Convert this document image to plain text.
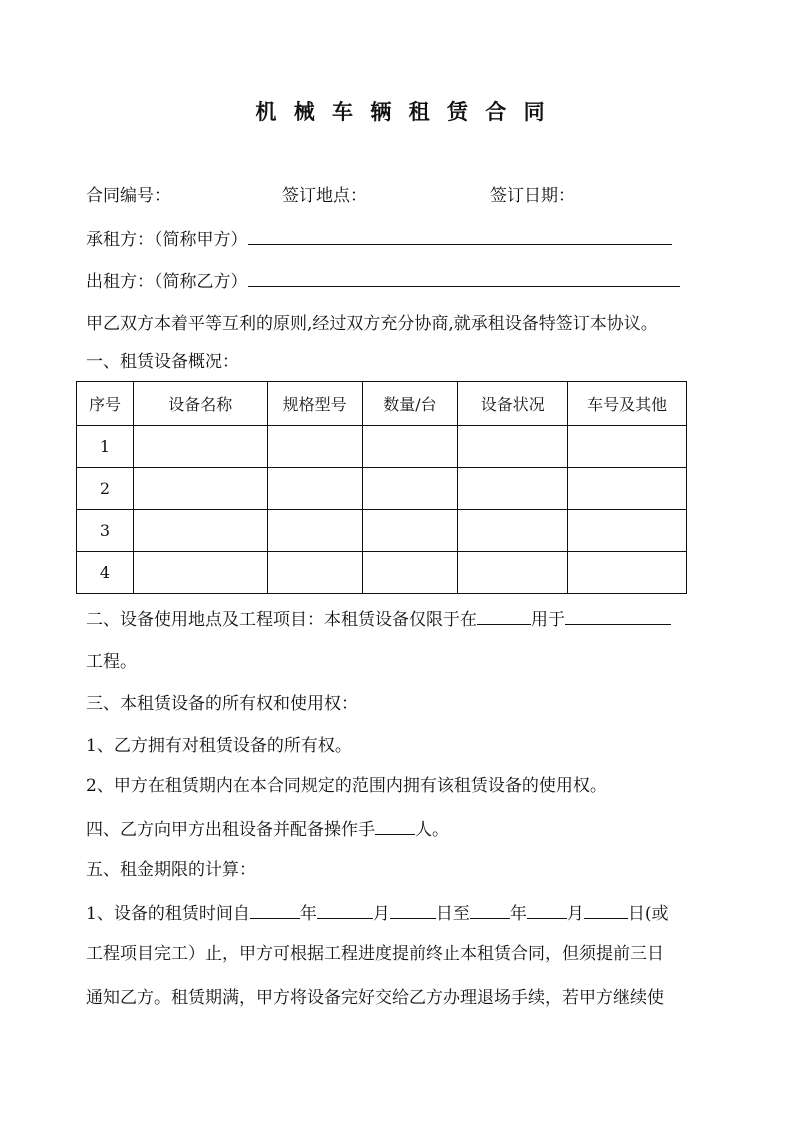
机 械 车 辆 租 赁 合 同
合同编号：	签订地点：	签订日期：
承租方：（简称甲方）
出租方：（简称乙方）
甲乙双方本着平等互利的原则,经过双方充分协商,就承租设备特签订本协议。
一、租赁设备概况：
序号	设备名称	规格型号	数量/台	设备状况	车号及其他
1					
2					
3					
4					
二、设备使用地点及工程项目：本租赁设备仅限于在	用于
工程。
三、本租赁设备的所有权和使用权：
1、乙方拥有对租赁设备的所有权。
2、甲方在租赁期内在本合同规定的范围内拥有该租赁设备的使用权。
四、乙方向甲方出租设备并配备操作手 人。
五、租金期限的计算：
1、设备的租赁时间自	年	月	日至 年 月	日(或
工程项目完工）止，甲方可根据工程进度提前终止本租赁合同，但须提前三日
通知乙方。租赁期满，甲方将设备完好交给乙方办理退场手续，若甲方继续使
